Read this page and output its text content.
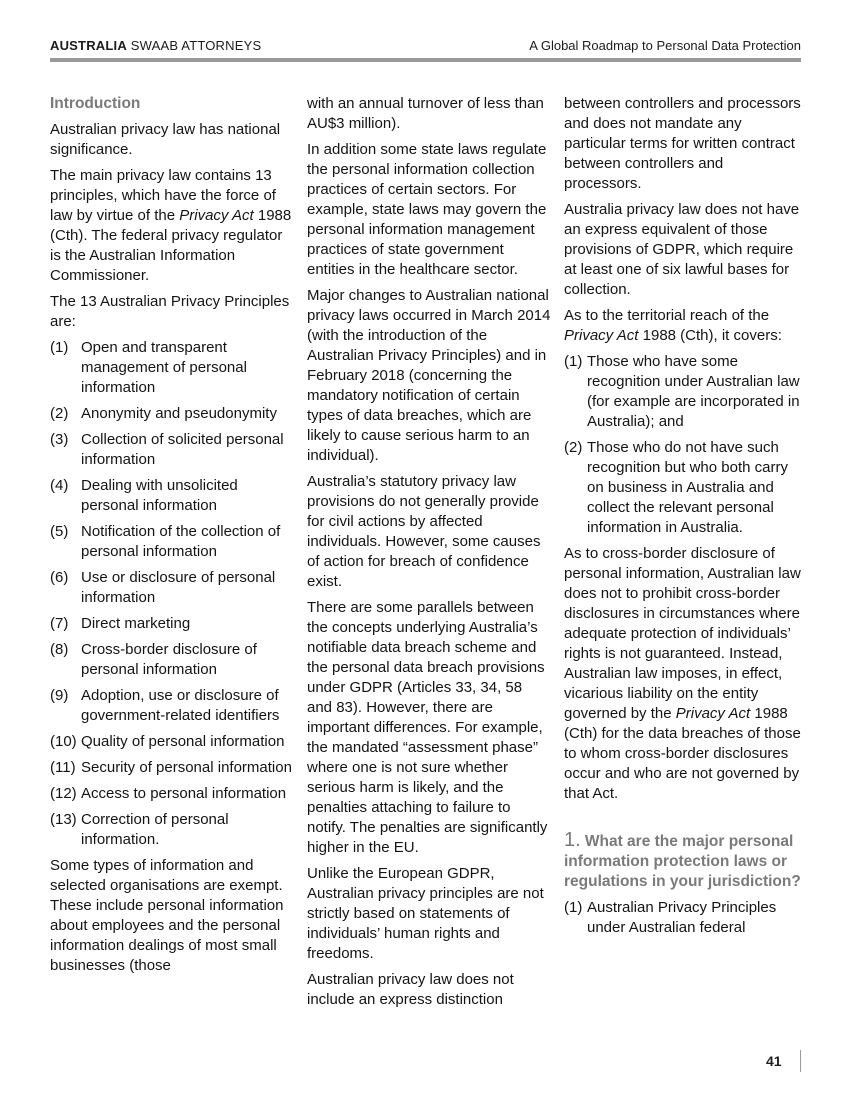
AUSTRALIA SWAAB ATTORNEYS	A Global Roadmap to Personal Data Protection
Introduction

Australian privacy law has national significance.

The main privacy law contains 13 principles, which have the force of law by virtue of the Privacy Act 1988 (Cth). The federal privacy regulator is the Australian Information Commissioner.

The 13 Australian Privacy Principles are:

(1) Open and transparent management of personal information
(2) Anonymity and pseudonymity
(3) Collection of solicited personal information
(4) Dealing with unsolicited personal information
(5) Notification of the collection of personal information
(6) Use or disclosure of personal information
(7) Direct marketing
(8) Cross-border disclosure of personal information
(9) Adoption, use or disclosure of government-related identifiers
(10) Quality of personal information
(11) Security of personal information
(12) Access to personal information
(13) Correction of personal information.

Some types of information and selected organisations are exempt. These include personal information about employees and the personal information dealings of most small businesses (those

with an annual turnover of less than AU$3 million).

In addition some state laws regulate the personal information collection practices of certain sectors. For example, state laws may govern the personal information management practices of state government entities in the healthcare sector.

Major changes to Australian national privacy laws occurred in March 2014 (with the introduction of the Australian Privacy Principles) and in February 2018 (concerning the mandatory notification of certain types of data breaches, which are likely to cause serious harm to an individual).

Australia’s statutory privacy law provisions do not generally provide for civil actions by affected individuals. However, some causes of action for breach of confidence exist.

There are some parallels between the concepts underlying Australia’s notifiable data breach scheme and the personal data breach provisions under GDPR (Articles 33, 34, 58 and 83). However, there are important differences. For example, the mandated “assessment phase” where one is not sure whether serious harm is likely, and the penalties attaching to failure to notify. The penalties are significantly higher in the EU.

Unlike the European GDPR, Australian privacy principles are not strictly based on statements of individuals’ human rights and freedoms.

Australian privacy law does not include an express distinction

between controllers and processors and does not mandate any particular terms for written contract between controllers and processors.

Australia privacy law does not have an express equivalent of those provisions of GDPR, which require at least one of six lawful bases for collection.

As to the territorial reach of the Privacy Act 1988 (Cth), it covers:

(1) Those who have some recognition under Australian law (for example are incorporated in Australia); and
(2) Those who do not have such recognition but who both carry on business in Australia and collect the relevant personal information in Australia.

As to cross-border disclosure of personal information, Australian law does not to prohibit cross-border disclosures in circumstances where adequate protection of individuals’ rights is not guaranteed. Instead, Australian law imposes, in effect, vicarious liability on the entity governed by the Privacy Act 1988 (Cth) for the data breaches of those to whom cross-border disclosures occur and who are not governed by that Act.

1. What are the major personal information protection laws or regulations in your jurisdiction?
(1) Australian Privacy Principles under Australian federal
41
